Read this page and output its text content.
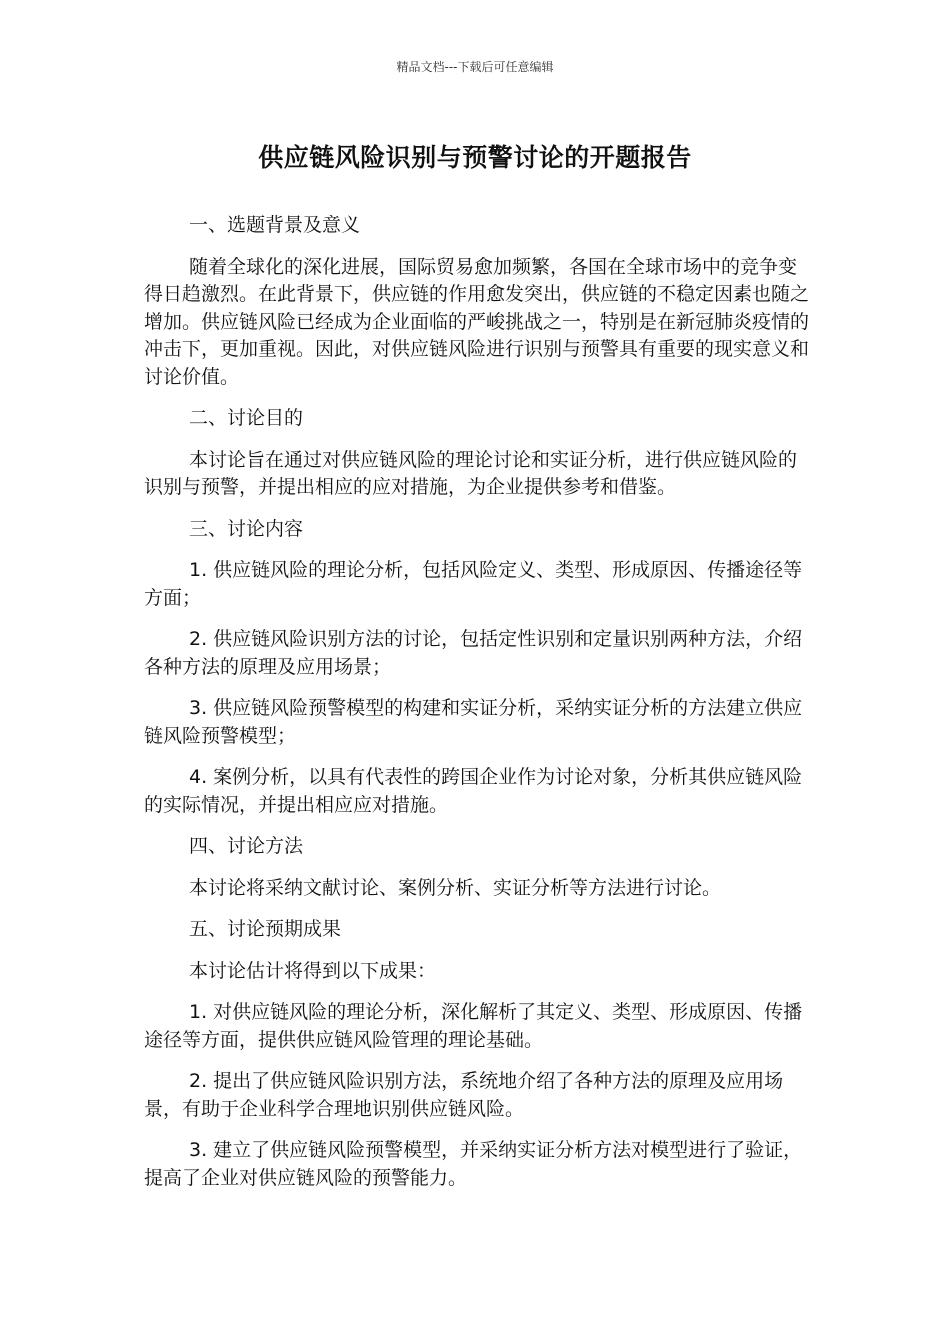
精品文档---下载后可任意编辑
供应链风险识别与预警讨论的开题报告

一、选题背景及意义

随着全球化的深化进展，国际贸易愈加频繁，各国在全球市场中的竞争变得日趋激烈。在此背景下，供应链的作用愈发突出，供应链的不稳定因素也随之增加。供应链风险已经成为企业面临的严峻挑战之一，特别是在新冠肺炎疫情的冲击下，更加重视。因此，对供应链风险进行识别与预警具有重要的现实意义和讨论价值。

二、讨论目的

本讨论旨在通过对供应链风险的理论讨论和实证分析，进行供应链风险的识别与预警，并提出相应的应对措施，为企业提供参考和借鉴。

三、讨论内容

1. 供应链风险的理论分析，包括风险定义、类型、形成原因、传播途径等方面；

2. 供应链风险识别方法的讨论，包括定性识别和定量识别两种方法，介绍各种方法的原理及应用场景；

3. 供应链风险预警模型的构建和实证分析，采纳实证分析的方法建立供应链风险预警模型；

4. 案例分析，以具有代表性的跨国企业作为讨论对象，分析其供应链风险的实际情况，并提出相应应对措施。

四、讨论方法

本讨论将采纳文献讨论、案例分析、实证分析等方法进行讨论。

五、讨论预期成果

本讨论估计将得到以下成果：

1. 对供应链风险的理论分析，深化解析了其定义、类型、形成原因、传播途径等方面，提供供应链风险管理的理论基础。

2. 提出了供应链风险识别方法，系统地介绍了各种方法的原理及应用场景，有助于企业科学合理地识别供应链风险。

3. 建立了供应链风险预警模型，并采纳实证分析方法对模型进行了验证，提高了企业对供应链风险的预警能力。
